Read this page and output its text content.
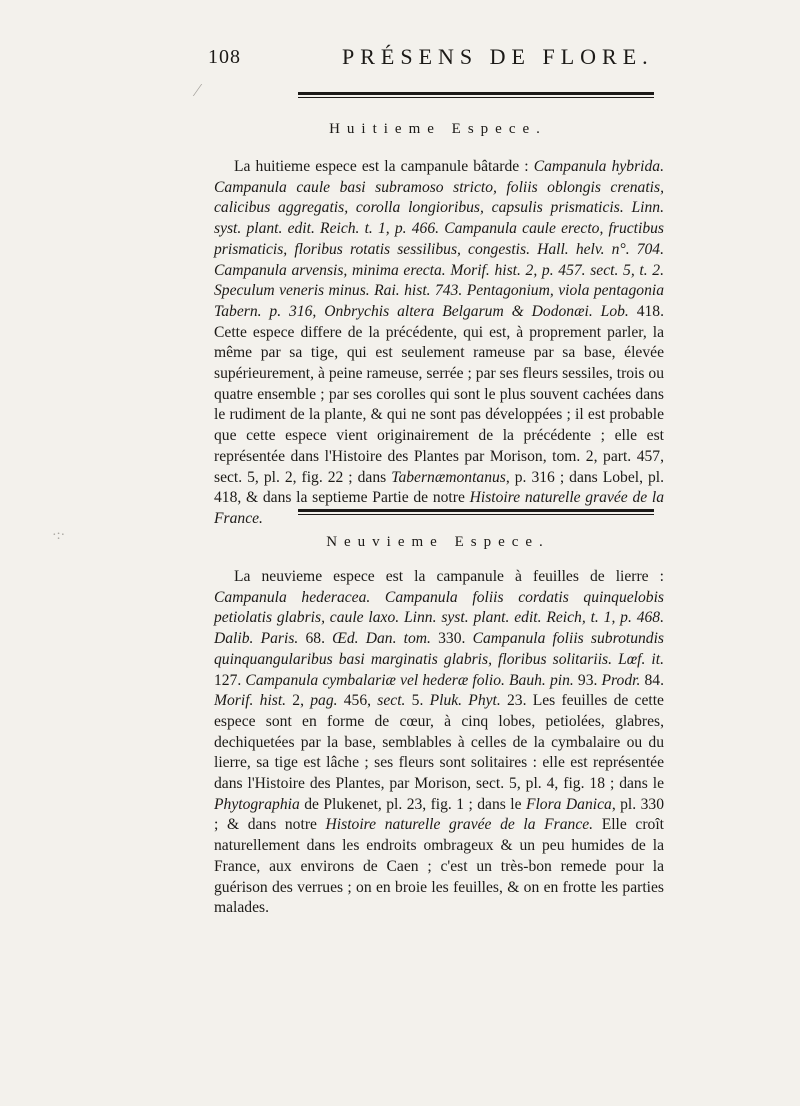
108	PRÉSENS DE FLORE.
Huitieme Espece.
La huitieme espece est la campanule bâtarde : Campanula hybrida. Campanula caule basi subramoso stricto, foliis oblongis crenatis, calicibus aggregatis, corolla longioribus, capsulis prismaticis. Linn. syst. plant. edit. Reich. t. 1, p. 466. Campanula caule erecto, fructibus prismaticis, floribus rotatis sessilibus, congestis. Hall. helv. n°. 704. Campanula arvensis, minima erecta. Morif. hist. 2, p. 457. sect. 5, t. 2. Speculum veneris minus. Rai. hist. 743. Pentagonium, viola pentagonia Tabern. p. 316, Onbrychis altera Belgarum & Dodonæi. Lob. 418. Cette espece differe de la précédente, qui est, à proprement parler, la même par sa tige, qui est seulement rameuse par sa base, élevée supérieurement, à peine rameuse, serrée ; par ses fleurs sessiles, trois ou quatre ensemble ; par ses corolles qui sont le plus souvent cachées dans le rudiment de la plante, & qui ne sont pas développées ; il est probable que cette espece vient originairement de la précédente ; elle est représentée dans l'Histoire des Plantes par Morison, tom. 2, part. 457, sect. 5, pl. 2, fig. 22 ; dans Tabernæmontanus, p. 316 ; dans Lobel, pl. 418, & dans la septieme Partie de notre Histoire naturelle gravée de la France.
Neuvieme Espece.
La neuvieme espece est la campanule à feuilles de lierre : Campanula hederacea. Campanula foliis cordatis quinquelobis petiolatis glabris, caule laxo. Linn. syst. plant. edit. Reich, t. 1, p. 468. Dalib. Paris. 68. Œd. Dan. tom. 330. Campanula foliis subrotundis quinquangularibus basi marginatis glabris, floribus solitariis. Lœf. it. 127. Campanula cymbalariæ vel hederæ folio. Bauh. pin. 93. Prodr. 84. Morif. hist. 2, pag. 456, sect. 5. Pluk. Phyt. 23. Les feuilles de cette espece sont en forme de cœur, à cinq lobes, petiolées, glabres, dechiquetées par la base, semblables à celles de la cymbalaire ou du lierre, sa tige est lâche ; ses fleurs sont solitaires : elle est représentée dans l'Histoire des Plantes, par Morison, sect. 5, pl. 4, fig. 18 ; dans le Phytographia de Plukenet, pl. 23, fig. 1 ; dans le Flora Danica, pl. 330 ; & dans notre Histoire naturelle gravée de la France. Elle croît naturellement dans les endroits ombrageux & un peu humides de la France, aux environs de Caen ; c'est un très-bon remede pour la guérison des verrues ; on en broie les feuilles, & on en frotte les parties malades.
⁄
·:·
